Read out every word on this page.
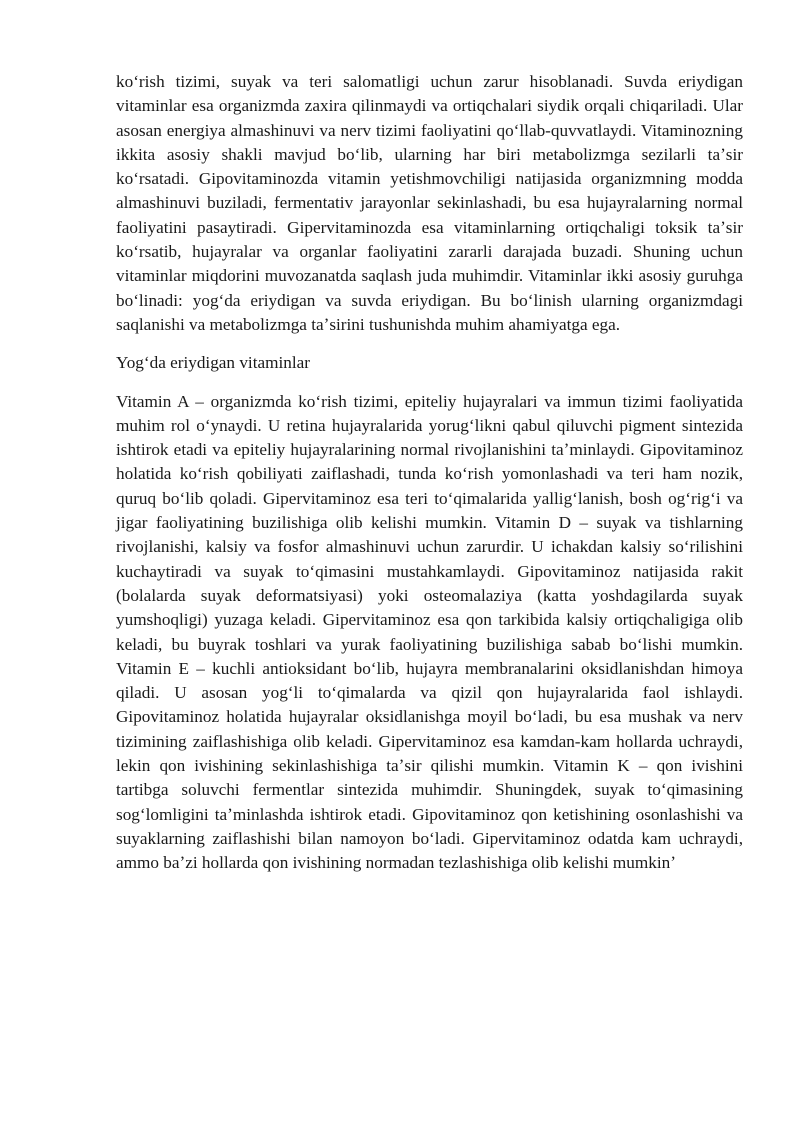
koʻrish tizimi, suyak va teri salomatligi uchun zarur hisoblanadi. Suvda eriydigan vitaminlar esa organizmda zaxira qilinmaydi va ortiqchalari siydik orqali chiqariladi. Ular asosan energiya almashinuvi va nerv tizimi faoliyatini qoʻllab-quvvatlaydi. Vitaminozning ikkita asosiy shakli mavjud boʻlib, ularning har biri metabolizmga sezilarli taʼsir koʻrsatadi. Gipovitaminozda vitamin yetishmovchiligi natijasida organizmning modda almashinuvi buziladi, fermentativ jarayonlar sekinlashadi, bu esa hujayralarning normal faoliyatini pasaytiradi. Gipervitaminozda esa vitaminlarning ortiqchaligi toksik taʼsir koʻrsatib, hujayralar va organlar faoliyatini zararli darajada buzadi. Shuning uchun vitaminlar miqdorini muvozanatda saqlash juda muhimdir. Vitaminlar ikki asosiy guruhga boʻlinadi: yogʻda eriydigan va suvda eriydigan. Bu boʻlinish ularning organizmdagi saqlanishi va metabolizmga taʼsirini tushunishda muhim ahamiyatga ega.

Yogʻda eriydigan vitaminlar

Vitamin A – organizmda koʻrish tizimi, epiteliy hujayralari va immun tizimi faoliyatida muhim rol oʻynaydi. U retina hujayralarida yorugʻlikni qabul qiluvchi pigment sintezida ishtirok etadi va epiteliy hujayralarining normal rivojlanishini taʼminlaydi. Gipovitaminoz holatida koʻrish qobiliyati zaiflashadi, tunda koʻrish yomonlashadi va teri ham nozik, quruq boʻlib qoladi. Gipervitaminoz esa teri toʻqimalarida yalligʻlanish, bosh ogʻrigʻi va jigar faoliyatining buzilishiga olib kelishi mumkin. Vitamin D – suyak va tishlarning rivojlanishi, kalsiy va fosfor almashinuvi uchun zarurdir. U ichakdan kalsiy soʻrilishini kuchaytiradi va suyak toʻqimasini mustahkamlaydi. Gipovitaminoz natijasida rakit (bolalarda suyak deformatsiyasi) yoki osteomalaziya (katta yoshdagilarda suyak yumshoqligi) yuzaga keladi. Gipervitaminoz esa qon tarkibida kalsiy ortiqchaligiga olib keladi, bu buyrak toshlari va yurak faoliyatining buzilishiga sabab boʻlishi mumkin. Vitamin E – kuchli antioksidant boʻlib, hujayra membranalarini oksidlanishdan himoya qiladi. U asosan yogʻli toʻqimalarda va qizil qon hujayralarida faol ishlaydi. Gipovitaminoz holatida hujayralar oksidlanishga moyil boʻladi, bu esa mushak va nerv tizimining zaiflashishiga olib keladi. Gipervitaminoz esa kamdan-kam hollarda uchraydi, lekin qon ivishining sekinlashishiga taʼsir qilishi mumkin. Vitamin K – qon ivishini tartibga soluvchi fermentlar sintezida muhimdir. Shuningdek, suyak toʻqimasining sogʻlomligini taʼminlashda ishtirok etadi. Gipovitaminoz qon ketishining osonlashishi va suyaklarning zaiflashishi bilan namoyon boʻladi. Gipervitaminoz odatda kam uchraydi, ammo baʼzi hollarda qon ivishining normadan tezlashishiga olib kelishi mumkinʼ
